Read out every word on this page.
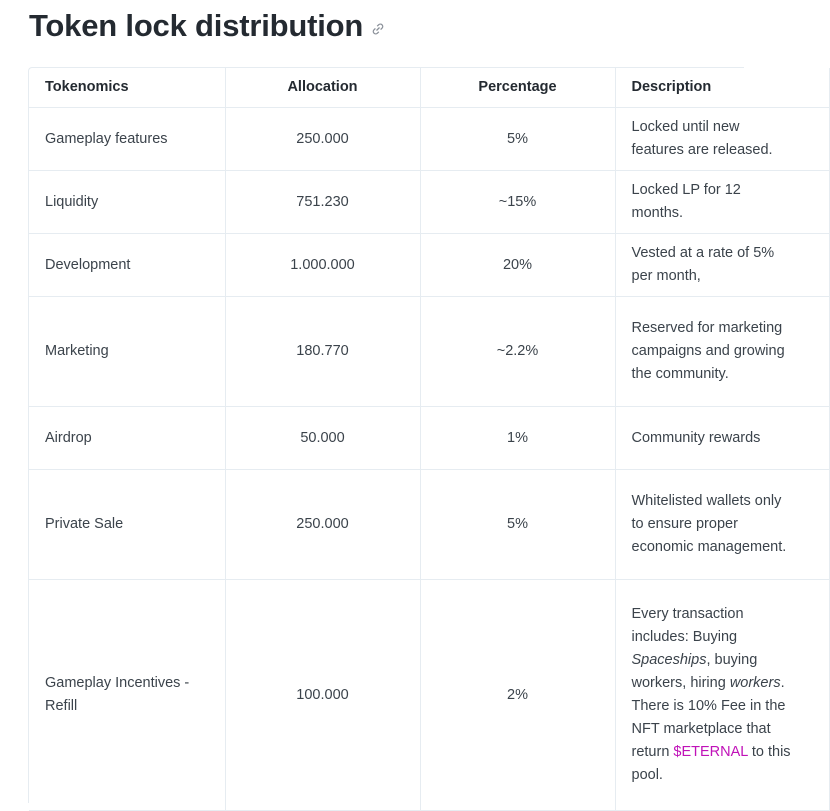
Token lock distribution
Tokenomics	Allocation	Percentage	Description
Gameplay features	250.000	5%	Locked until new features are released.

Liquidity	751.230	~15%	Locked LP for 12 months.

Development	1.000.000	20%	Vested at a rate of 5% per month,

Marketing	180.770	~2.2%	Reserved for marketing campaigns and growing the community.

Airdrop	50.000	1%	Community rewards

Private Sale	250.000	5%	Whitelisted wallets only to ensure proper economic management.

Gameplay Incentives - Refill	100.000	2%	Every transaction includes: Buying Spaceships, buying workers, hiring workers. There is 10% Fee in the NFT marketplace that return $ETERNAL to this pool.
